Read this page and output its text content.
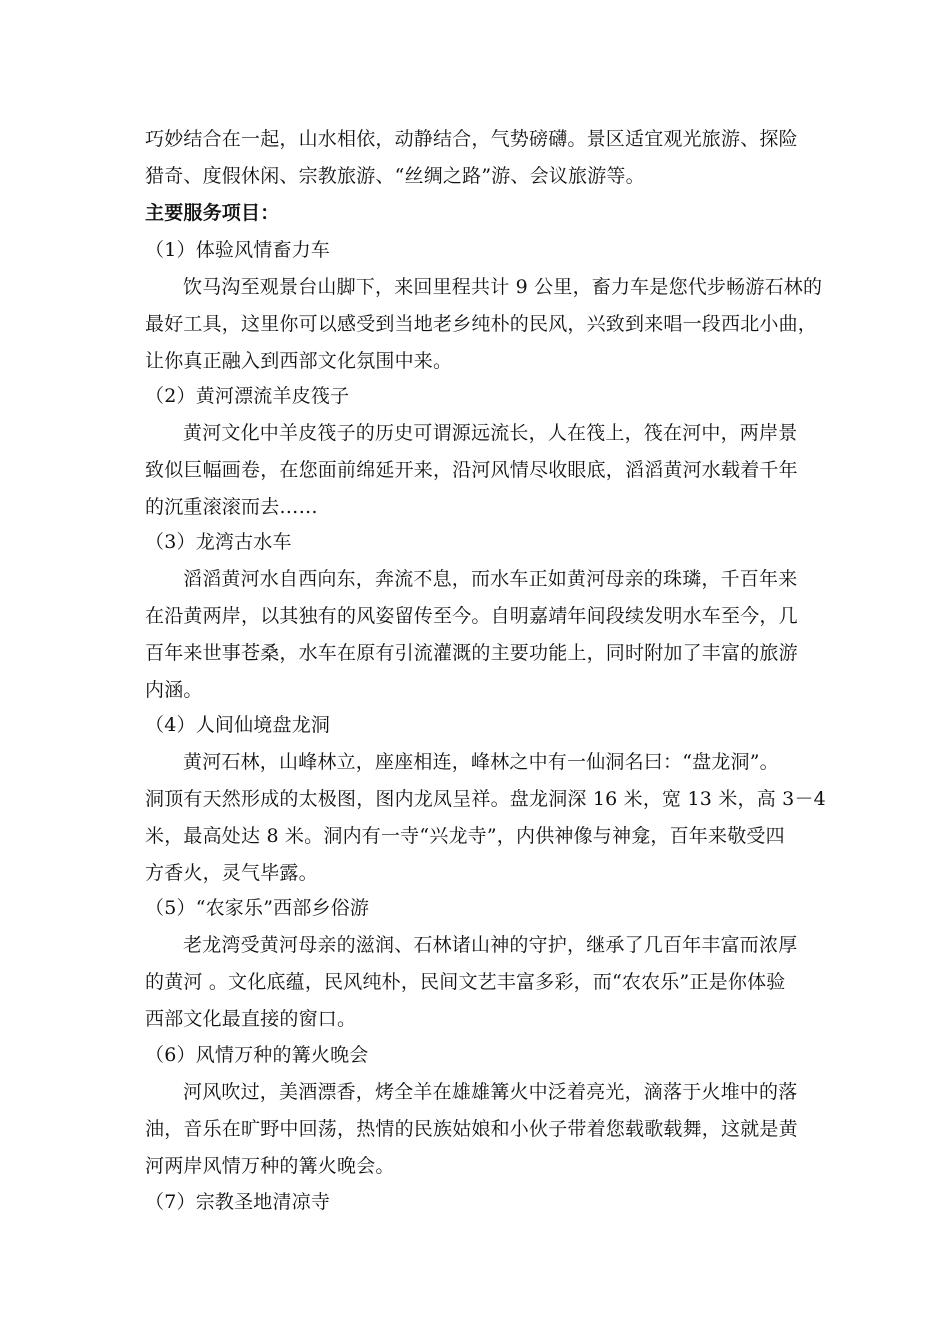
巧妙结合在一起，山水相依，动静结合，气势磅礴。景区适宜观光旅游、探险
猎奇、度假休闲、宗教旅游、“丝绸之路”游、会议旅游等。
主要服务项目：
（1）体验风情畜力车
饮马沟至观景台山脚下，来回里程共计 9 公里，畜力车是您代步畅游石林的
最好工具，这里你可以感受到当地老乡纯朴的民风，兴致到来唱一段西北小曲，
让你真正融入到西部文化氛围中来。
（2）黄河漂流羊皮筏子
黄河文化中羊皮筏子的历史可谓源远流长，人在筏上，筏在河中，两岸景
致似巨幅画卷，在您面前绵延开来，沿河风情尽收眼底，滔滔黄河水载着千年
的沉重滚滚而去……
（3）龙湾古水车
滔滔黄河水自西向东，奔流不息，而水车正如黄河母亲的珠璘，千百年来
在沿黄两岸，以其独有的风姿留传至今。自明嘉靖年间段续发明水车至今，几
百年来世事苍桑，水车在原有引流灌溉的主要功能上，同时附加了丰富的旅游
内涵。
（4）人间仙境盘龙洞
黄河石林，山峰林立，座座相连，峰林之中有一仙洞名曰：“盘龙洞”。
洞顶有天然形成的太极图，图内龙凤呈祥。盘龙洞深 16 米，宽 13 米，高 3－4
米，最高处达 8 米。洞内有一寺“兴龙寺”，内供神像与神龛，百年来敬受四
方香火，灵气毕露。
（5）“农家乐”西部乡俗游
老龙湾受黄河母亲的滋润、石林诸山神的守护，继承了几百年丰富而浓厚
的黄河 。文化底蕴，民风纯朴，民间文艺丰富多彩，而“农农乐”正是你体验
西部文化最直接的窗口。
（6）风情万种的篝火晚会
河风吹过，美酒漂香，烤全羊在雄雄篝火中泛着亮光，滴落于火堆中的落
油，音乐在旷野中回荡，热情的民族姑娘和小伙子带着您载歌载舞，这就是黄
河两岸风情万种的篝火晚会。
（7）宗教圣地清凉寺
